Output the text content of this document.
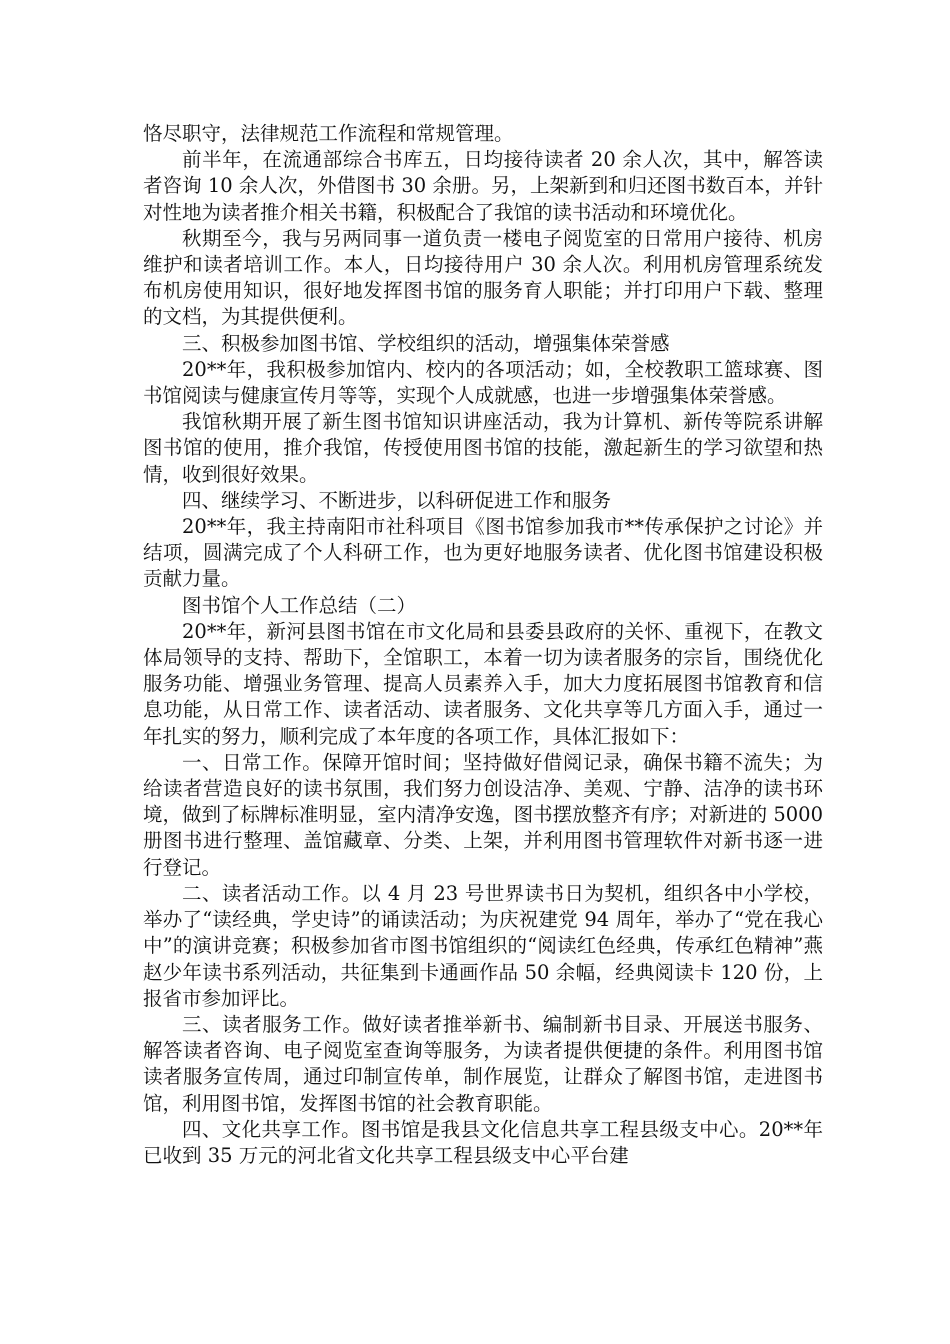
恪尽职守，法律规范工作流程和常规管理。

前半年，在流通部综合书库五，日均接待读者 20 余人次，其中，解答读者咨询 10 余人次，外借图书 30 余册。另，上架新到和归还图书数百本，并针对性地为读者推介相关书籍，积极配合了我馆的读书活动和环境优化。

秋期至今，我与另两同事一道负责一楼电子阅览室的日常用户接待、机房维护和读者培训工作。本人，日均接待用户 30 余人次。利用机房管理系统发布机房使用知识，很好地发挥图书馆的服务育人职能；并打印用户下载、整理的文档，为其提供便利。

三、积极参加图书馆、学校组织的活动，增强集体荣誉感

20**年，我积极参加馆内、校内的各项活动；如，全校教职工篮球赛、图书馆阅读与健康宣传月等等，实现个人成就感，也进一步增强集体荣誉感。

我馆秋期开展了新生图书馆知识讲座活动，我为计算机、新传等院系讲解图书馆的使用，推介我馆，传授使用图书馆的技能，激起新生的学习欲望和热情，收到很好效果。

四、继续学习、不断进步，以科研促进工作和服务

20**年，我主持南阳市社科项目《图书馆参加我市**传承保护之讨论》并结项，圆满完成了个人科研工作，也为更好地服务读者、优化图书馆建设积极贡献力量。

图书馆个人工作总结（二）

20**年，新河县图书馆在市文化局和县委县政府的关怀、重视下，在教文体局领导的支持、帮助下，全馆职工，本着一切为读者服务的宗旨，围绕优化服务功能、增强业务管理、提高人员素养入手，加大力度拓展图书馆教育和信息功能，从日常工作、读者活动、读者服务、文化共享等几方面入手，通过一年扎实的努力，顺利完成了本年度的各项工作，具体汇报如下：

一、日常工作。保障开馆时间；坚持做好借阅记录，确保书籍不流失；为给读者营造良好的读书氛围，我们努力创设洁净、美观、宁静、洁净的读书环境，做到了标牌标准明显，室内清净安逸，图书摆放整齐有序；对新进的 5000 册图书进行整理、盖馆藏章、分类、上架，并利用图书管理软件对新书逐一进行登记。

二、读者活动工作。以 4 月 23 号世界读书日为契机，组织各中小学校，举办了“读经典，学史诗”的诵读活动；为庆祝建党 94 周年，举办了“党在我心中”的演讲竞赛；积极参加省市图书馆组织的“阅读红色经典，传承红色精神”燕赵少年读书系列活动，共征集到卡通画作品 50 余幅，经典阅读卡 120 份，上报省市参加评比。

三、读者服务工作。做好读者推举新书、编制新书目录、开展送书服务、解答读者咨询、电子阅览室查询等服务，为读者提供便捷的条件。利用图书馆读者服务宣传周，通过印制宣传单，制作展览，让群众了解图书馆，走进图书馆，利用图书馆，发挥图书馆的社会教育职能。

四、文化共享工作。图书馆是我县文化信息共享工程县级支中心。20**年已收到 35 万元的河北省文化共享工程县级支中心平台建
